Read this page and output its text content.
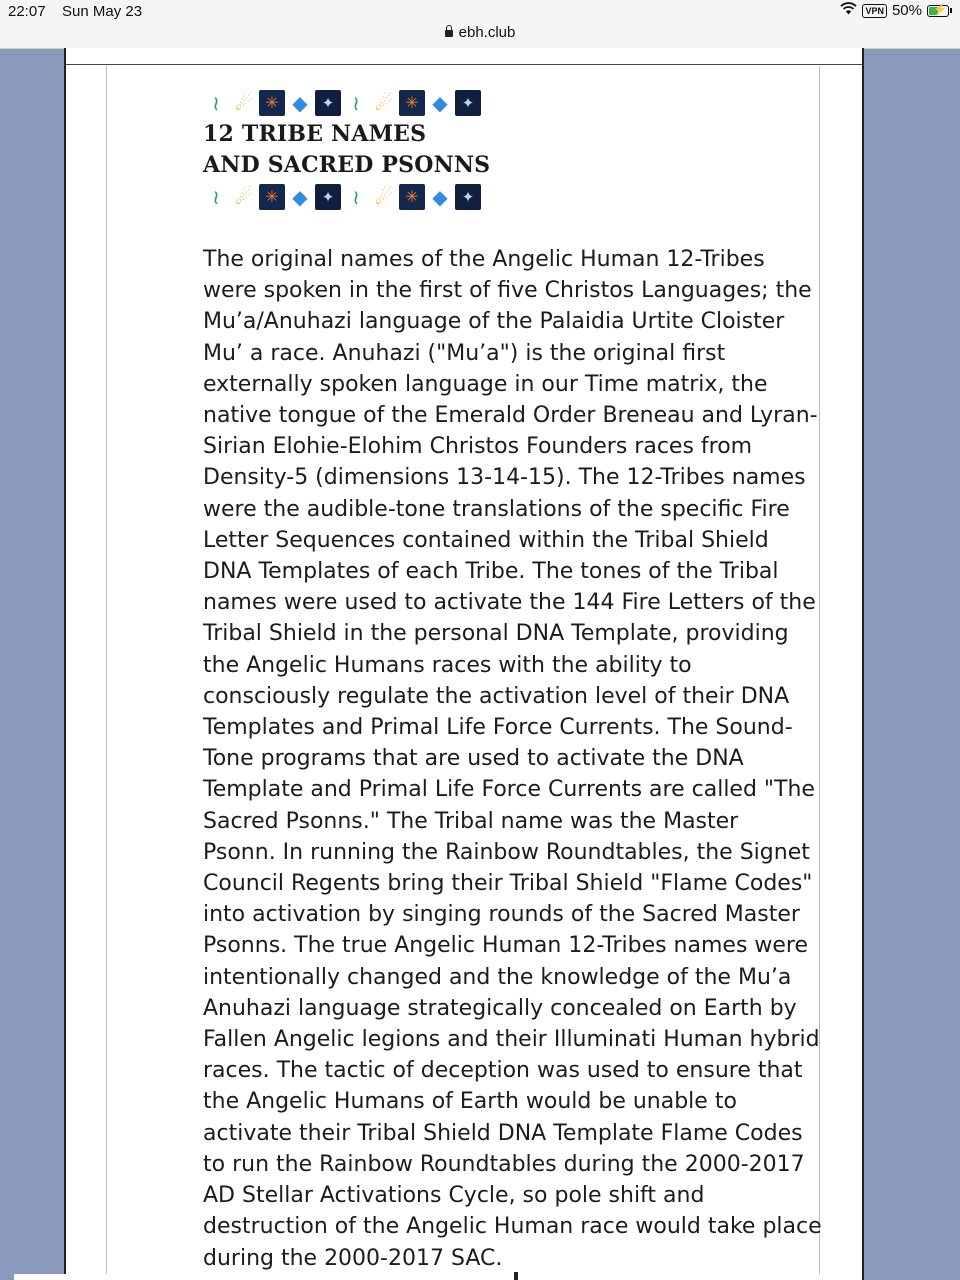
22:07 Sun May 23	VPN 50% ⚡
ebh.club
≀ ☄ ✳ ◆ ✦ ≀ ☄ ✳ ◆ ✦
12 TRIBE NAMES
AND SACRED PSONNS
≀ ☄ ✳ ◆ ✦ ≀ ☄ ✳ ◆ ✦
The original names of the Angelic Human 12-Tribes
were spoken in the first of five Christos Languages; the
Mu’a/Anuhazi language of the Palaidia Urtite Cloister
Mu’ a race. Anuhazi ("Mu’a") is the original first
externally spoken language in our Time matrix, the
native tongue of the Emerald Order Breneau and Lyran-
Sirian Elohie-Elohim Christos Founders races from
Density-5 (dimensions 13-14-15). The 12-Tribes names
were the audible-tone translations of the specific Fire
Letter Sequences contained within the Tribal Shield
DNA Templates of each Tribe. The tones of the Tribal
names were used to activate the 144 Fire Letters of the
Tribal Shield in the personal DNA Template, providing
the Angelic Humans races with the ability to
consciously regulate the activation level of their DNA
Templates and Primal Life Force Currents. The Sound-
Tone programs that are used to activate the DNA
Template and Primal Life Force Currents are called "The
Sacred Psonns." The Tribal name was the Master
Psonn. In running the Rainbow Roundtables, the Signet
Council Regents bring their Tribal Shield "Flame Codes"
into activation by singing rounds of the Sacred Master
Psonns. The true Angelic Human 12-Tribes names were
intentionally changed and the knowledge of the Mu’a
Anuhazi language strategically concealed on Earth by
Fallen Angelic legions and their Illuminati Human hybrid
races. The tactic of deception was used to ensure that
the Angelic Humans of Earth would be unable to
activate their Tribal Shield DNA Template Flame Codes
to run the Rainbow Roundtables during the 2000-2017
AD Stellar Activations Cycle, so pole shift and
destruction of the Angelic Human race would take place
during the 2000-2017 SAC.
